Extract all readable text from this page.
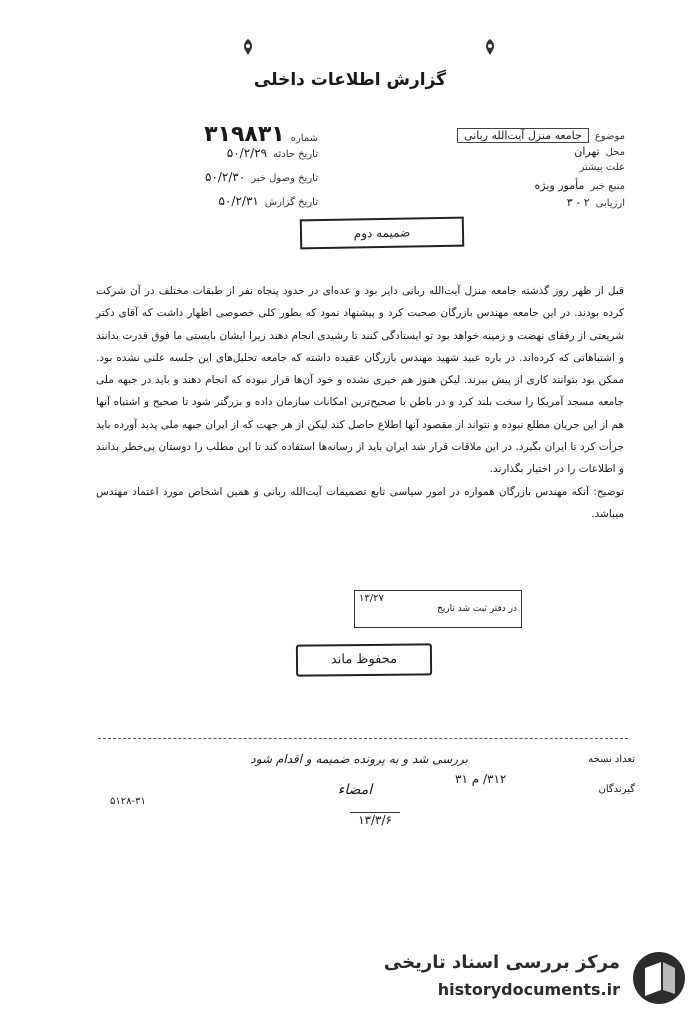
گزارش اطلاعات داخلی
شماره
۳۱۹۸۳۱
تاریخ حادثه
۵۰/۲/۲۹
تاریخ وصول خبر
۵۰/۲/۳۰
تاریخ گزارش
۵۰/۲/۳۱
موضوع
جامعه منزل آیت‌الله ربانی
محل
تهران
علت بیشتر
منبع خبر
مأمور ویژه
ارزیابی
۲ - ۳
ضمیمه دوم

قبل از ظهر روز گذشته جامعه منزل آیت‌الله ربانی دایر بود و عده‌ای در حدود پنجاه نفر از طبقات مختلف در آن شرکت کرده بودند. در این جامعه مهندس بازرگان صحبت کرد و پیشنهاد نمود که بطور کلی خصوصی اظهار داشت که آقای دکتر شریعتی از رفقای نهضت و زمینه خواهد بود تو ایستادگی کنند تا رشیدی انجام دهند زیرا ایشان بایستی ما فوق قدرت بدانند و اشتباهاتی که کرده‌اند. در باره عبید شهید مهندس بازرگان عقیده داشته که جامعه تحلیل‌های این جلسه علنی نشده بود. ممکن بود بتوانند کاری از پیش ببرند. لیکن هنوز هم خیری نشده و خود آن‌ها قرار نبوده که انجام دهند و باید در جبهه ملی جامعه مسجد آمریکا را سخت بلند کرد و در باطن با صحیح‌ترین امکانات سازمان داده و بزرگتر شود تا صحیح و اشتباه آنها هم از این جریان مطلع نبوده و نتواند از مقصود آنها اطلاع حاصل کند لیکن از هر جهت که از ایران جبهه ملی پدید آورده باید جرأت کرد تا ایران بگیرد. در این ملاقات قرار شد ایران باید از رسانه‌ها استفاده کند تا این مطلب را دوستان بی‌خطر بدانند و اطلاعات را در اختیار بگذارند.

توضیح: آنکه مهندس بازرگان همواره در امور سیاسی تابع تصمیمات آیت‌الله ربانی و همین اشخاص مورد اعتماد مهندس میباشد.

۱۳/۲۷
در دفتر ثبت شد تاریخ
محفوظ ماند
تعداد نسخه
گیرندگان
بررسی شد و به پرونده ضمیمه و اقدام شود
۳۱۲/ م ۳۱
امضاء
۱۳/۳/۶
۵۱۲۸-۳۱
مرکز بررسی اسناد تاریخی
historydocuments.ir
